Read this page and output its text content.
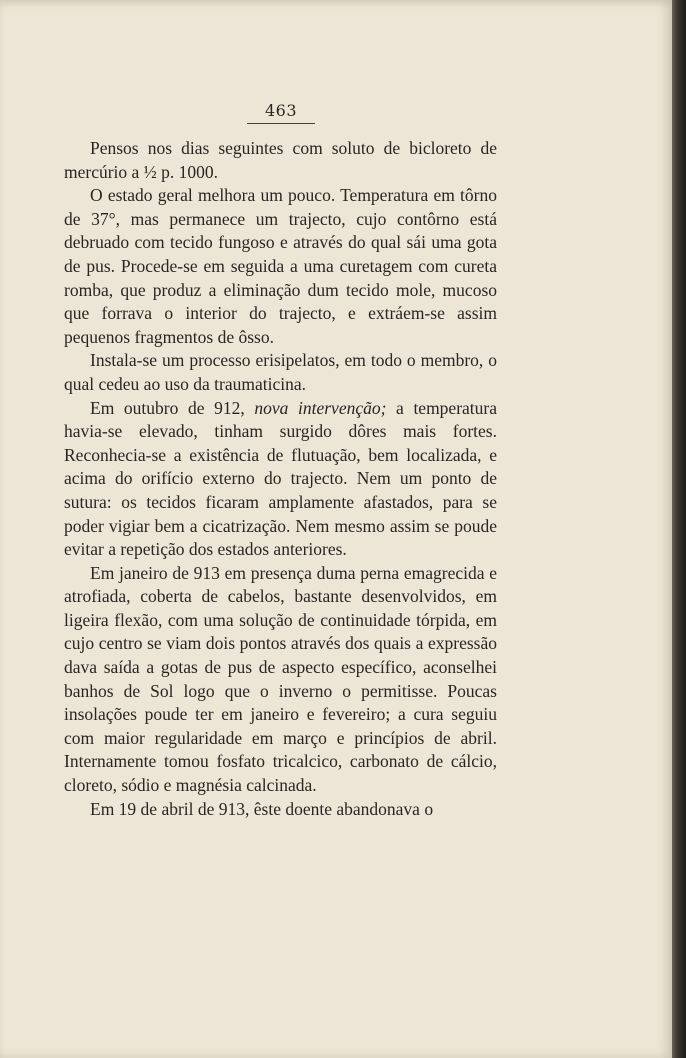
463

Pensos nos dias seguintes com soluto de bicloreto de mercúrio a ½ p. 1000.

O estado geral melhora um pouco. Temperatura em tôrno de 37°, mas permanece um trajecto, cujo contôrno está debruado com tecido fungoso e através do qual sái uma gota de pus. Procede-se em seguida a uma curetagem com cureta romba, que produz a eliminação dum tecido mole, mucoso que forrava o interior do trajecto, e extráem-se assim pequenos fragmentos de ôsso.

Instala-se um processo erisipelatos, em todo o membro, o qual cedeu ao uso da traumaticina.

Em outubro de 912, nova intervenção; a temperatura havia-se elevado, tinham surgido dôres mais fortes. Reconhecia-se a existência de flutuação, bem localizada, e acima do orifício externo do trajecto. Nem um ponto de sutura: os tecidos ficaram amplamente afastados, para se poder vigiar bem a cicatrização. Nem mesmo assim se poude evitar a repetição dos estados anteriores.

Em janeiro de 913 em presença duma perna emagrecida e atrofiada, coberta de cabelos, bastante desenvolvidos, em ligeira flexão, com uma solução de continuidade tórpida, em cujo centro se viam dois pontos através dos quais a expressão dava saída a gotas de pus de aspecto específico, aconselhei banhos de Sol logo que o inverno o permitisse. Poucas insolações poude ter em janeiro e fevereiro; a cura seguiu com maior regularidade em março e princípios de abril. Internamente tomou fosfato tricalcico, carbonato de cálcio, cloreto, sódio e magnésia calcinada.

Em 19 de abril de 913, êste doente abandonava o
